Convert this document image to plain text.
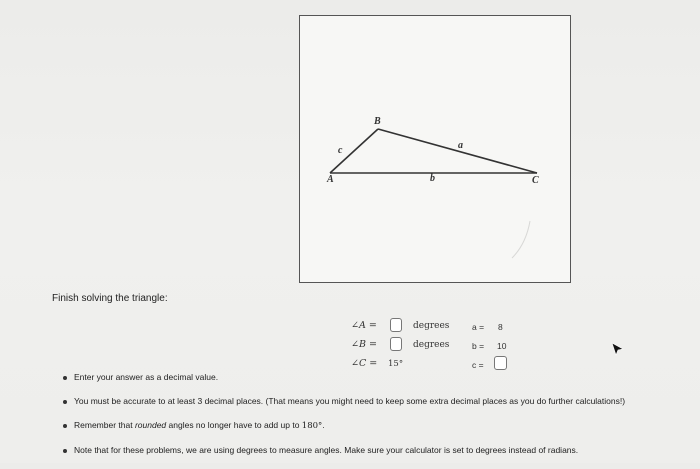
A
B
C
c	a
b
Finish solving the triangle:
∠A =	degrees
∠B =	degrees
∠C = 15°
a = 8
b = 10
c =
Enter your answer as a decimal value.
You must be accurate to at least 3 decimal places. (That means you might need to keep some extra decimal places as you do further calculations!)
Remember that rounded angles no longer have to add up to 180°.
Note that for these problems, we are using degrees to measure angles. Make sure your calculator is set to degrees instead of radians.
